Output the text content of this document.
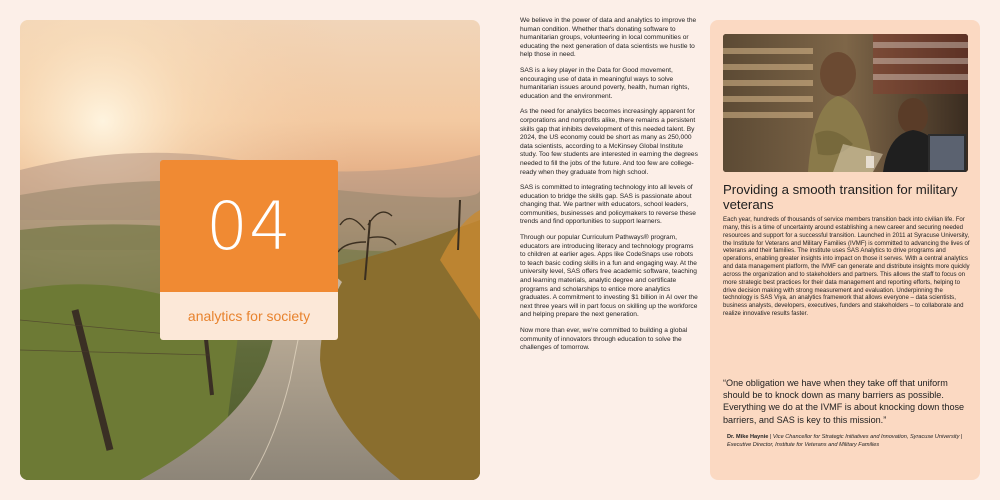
04
analytics for society

We believe in the power of data and analytics to improve the human condition. Whether that's donating software to humanitarian groups, volunteering in local communities or educating the next generation of data scientists we hustle to help those in need.

SAS is a key player in the Data for Good movement, encouraging use of data in meaningful ways to solve humanitarian issues around poverty, health, human rights, education and the environment.

As the need for analytics becomes increasingly apparent for corporations and nonprofits alike, there remains a persistent skills gap that inhibits development of this needed talent. By 2024, the US economy could be short as many as 250,000 data scientists, according to a McKinsey Global Institute study. Too few students are interested in earning the degrees needed to fill the jobs of the future. And too few are college-ready when they graduate from high school.

SAS is committed to integrating technology into all levels of education to bridge the skills gap. SAS is passionate about changing that. We partner with educators, school leaders, communities, businesses and policymakers to reverse these trends and find opportunities to support learners.

Through our popular Curriculum Pathways® program, educators are introducing literacy and technology programs to children at earlier ages. Apps like CodeSnaps use robots to teach basic coding skills in a fun and engaging way. At the university level, SAS offers free academic software, teaching and learning materials, analytic degree and certificate programs and scholarships to entice more analytics graduates. A commitment to investing $1 billion in AI over the next three years will in part focus on skilling up the workforce and helping prepare the next generation.

Now more than ever, we're committed to building a global community of innovators through education to solve the challenges of tomorrow.

Providing a smooth transition for military veterans
Each year, hundreds of thousands of service members transition back into civilian life. For many, this is a time of uncertainty around establishing a new career and securing needed resources and support for a successful transition. Launched in 2011 at Syracuse University, the Institute for Veterans and Military Families (IVMF) is committed to advancing the lives of veterans and their families. The institute uses SAS Analytics to drive programs and operations, enabling greater insights into impact on those it serves. With a central analytics and data management platform, the IVMF can generate and distribute insights more quickly across the organization and to stakeholders and partners. This allows the staff to focus on more strategic best practices for their data management and reporting efforts, helping to drive decision making with strong measurement and evaluation. Underpinning the technology is SAS Viya, an analytics framework that allows everyone – data scientists, business analysts, developers, executives, funders and stakeholders – to collaborate and realize innovative results faster.
“One obligation we have when they take off that uniform should be to knock down as many barriers as possible. Everything we do at the IVMF is about knocking down those barriers, and SAS is key to this mission.”
Dr. Mike Haynie | Vice Chancellor for Strategic Initiatives and Innovation, Syracuse University | Executive Director, Institute for Veterans and Military Families
